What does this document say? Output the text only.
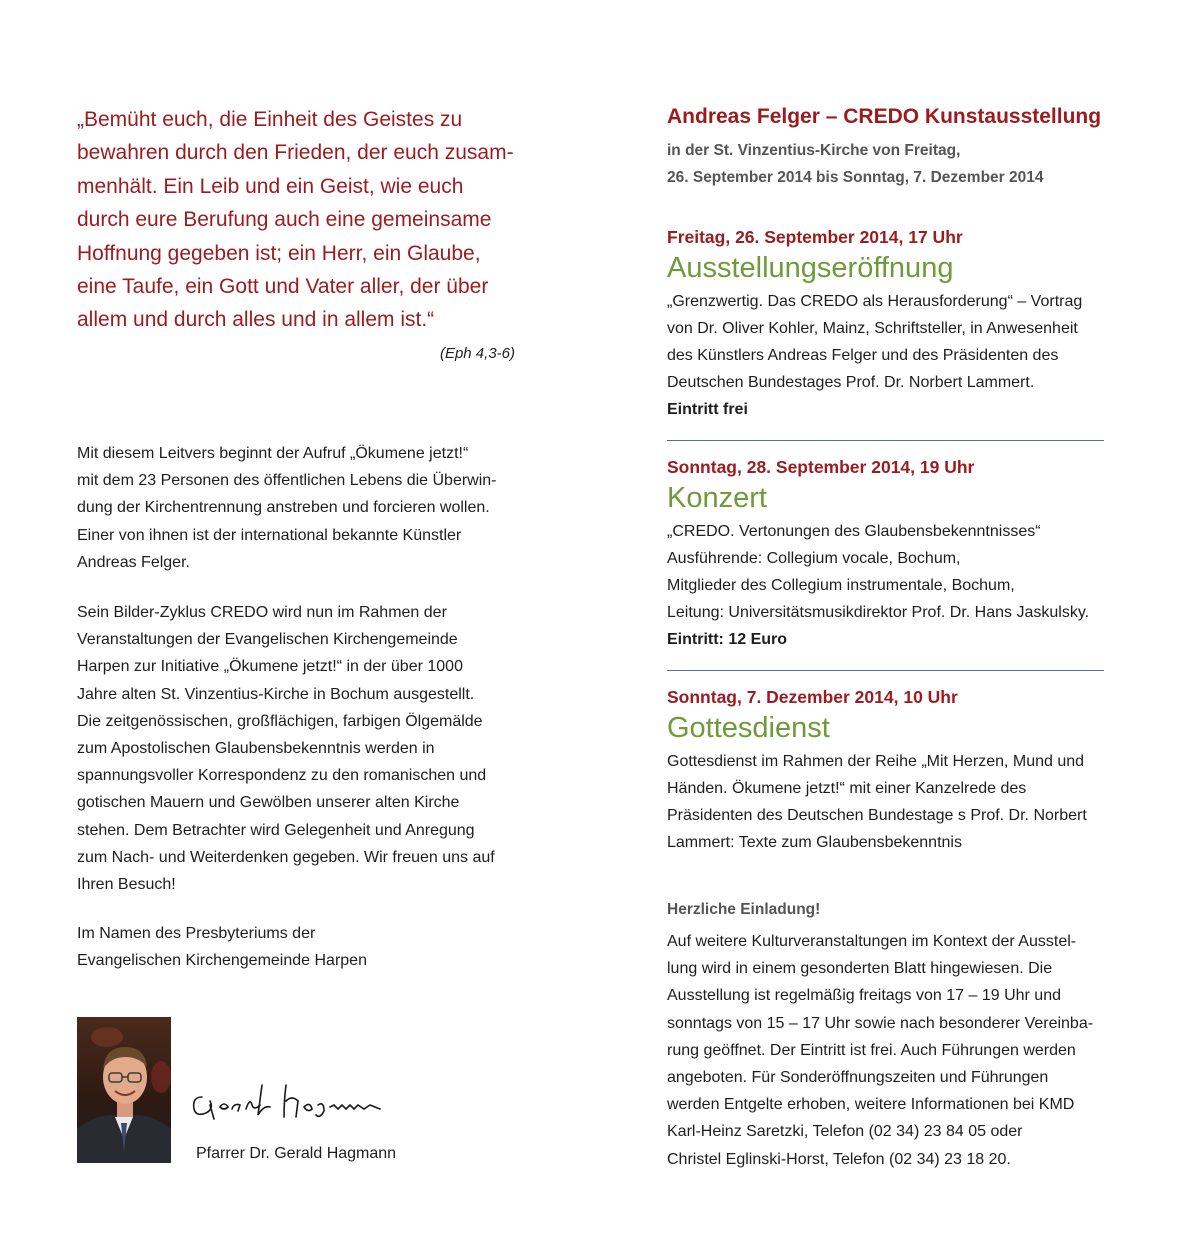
„Bemüht euch, die Einheit des Geistes zu
bewahren durch den Frieden, der euch zusam-
menhält. Ein Leib und ein Geist, wie euch
durch eure Berufung auch eine gemeinsame
Hoffnung gegeben ist; ein Herr, ein Glaube,
eine Taufe, ein Gott und Vater aller, der über
allem und durch alles und in allem ist.“

(Eph 4,3-6)

Mit diesem Leitvers beginnt der Aufruf „Ökumene jetzt!“
mit dem 23 Personen des öffentlichen Lebens die Überwin-
dung der Kirchentrennung anstreben und forcieren wollen.
Einer von ihnen ist der international bekannte Künstler
Andreas Felger.

Sein Bilder-Zyklus CREDO wird nun im Rahmen der
Veranstaltungen der Evangelischen Kirchengemeinde
Harpen zur Initiative „Ökumene jetzt!“ in der über 1000
Jahre alten St. Vinzentius-Kirche in Bochum ausgestellt.
Die zeitgenössischen, großflächigen, farbigen Ölgemälde
zum Apostolischen Glaubensbekenntnis werden in
spannungsvoller Korrespondenz zu den romanischen und
gotischen Mauern und Gewölben unserer alten Kirche
stehen. Dem Betrachter wird Gelegenheit und Anregung
zum Nach- und Weiterdenken gegeben. Wir freuen uns auf
Ihren Besuch!

Im Namen des Presbyteriums der
Evangelischen Kirchengemeinde Harpen

Pfarrer Dr. Gerald Hagmann

Andreas Felger – CREDO Kunstausstellung

in der St. Vinzentius-Kirche von Freitag,
26. September 2014 bis Sonntag, 7. Dezember 2014

Freitag, 26. September 2014, 17 Uhr

Ausstellungseröffnung

„Grenzwertig. Das CREDO als Herausforderung“ – Vortrag
von Dr. Oliver Kohler, Mainz, Schriftsteller, in Anwesenheit
des Künstlers Andreas Felger und des Präsidenten des
Deutschen Bundestages Prof. Dr. Norbert Lammert.

Eintritt frei

Sonntag, 28. September 2014, 19 Uhr

Konzert

„CREDO. Vertonungen des Glaubensbekenntnisses“
Ausführende: Collegium vocale, Bochum,
Mitglieder des Collegium instrumentale, Bochum,
Leitung: Universitätsmusikdirektor Prof. Dr. Hans Jaskulsky.

Eintritt: 12 Euro

Sonntag, 7. Dezember 2014, 10 Uhr

Gottesdienst

Gottesdienst im Rahmen der Reihe „Mit Herzen, Mund und
Händen. Ökumene jetzt!“ mit einer Kanzelrede des
Präsidenten des Deutschen Bundestage s Prof. Dr. Norbert
Lammert: Texte zum Glaubensbekenntnis

Herzliche Einladung!

Auf weitere Kulturveranstaltungen im Kontext der Ausstel-
lung wird in einem gesonderten Blatt hingewiesen. Die
Ausstellung ist regelmäßig freitags von 17 – 19 Uhr und
sonntags von 15 – 17 Uhr sowie nach besonderer Vereinba-
rung geöffnet. Der Eintritt ist frei. Auch Führungen werden
angeboten. Für Sonderöffnungszeiten und Führungen
werden Entgelte erhoben, weitere Informationen bei KMD
Karl-Heinz Saretzki, Telefon (02 34) 23 84 05 oder
Christel Eglinski-Horst, Telefon (02 34) 23 18 20.
